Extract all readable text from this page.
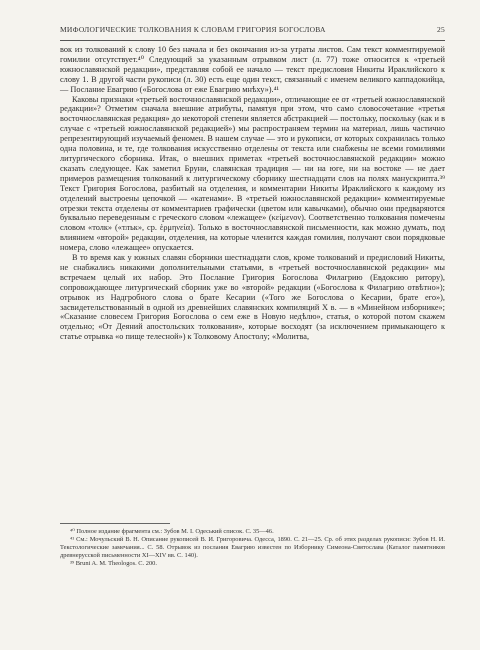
МИФОЛОГИЧЕСКИЕ ТОЛКОВАНИЯ К СЛОВАМ ГРИГОРИЯ БОГОСЛОВА	25

вок из толкований к слову 10 без начала и без окончания из-за утраты листов. Сам текст комментируемой гомилии отсутствует.⁴⁰ Следующий за указанным отрывком лист (л. 77) тоже относится к «третьей южнославянской редакции», представляя собой ее начало — текст предисловия Никиты Ираклийского к слову 1. В другой части рукописи (л. 30) есть еще один текст, связанный с именем великого каппадокийца, — Послание Евагрию («Богослова от еже Евагрию мнѣху»).⁴¹

Каковы признаки «третьей восточнославянской редакции», отличающие ее от «третьей южнославянской редакции»? Отметим сначала внешние атрибуты, памятуя при этом, что само словосочетание «третья восточнославянская редакция» до некоторой степени является абстракцией — постольку, поскольку (как и в случае с «третьей южнославянской редакцией») мы распространяем термин на материал, лишь частично репрезентирующий изучаемый феномен. В нашем случае — это и рукописи, от которых сохранилась только одна половина, и те, где толкования искусственно отделены от текста или снабжены не всеми гомилиями литургического сборника. Итак, о внешних приметах «третьей восточнославянской редакции» можно сказать следующее. Как заметил Бруни, славянская традиция — ни на юге, ни на востоке — не дает примеров размещения толкований к литургическому сборнику шестнадцати слов на полях манускрипта.³⁹ Текст Григория Богослова, разбитый на отделения, и комментарии Никиты Ираклийского к каждому из отделений выстроены цепочкой — «катенами». В «третьей южнославянской редакции» комментируемые отрезки текста отделены от комментариев графически (цветом или кавычками), обычно они предваряются буквально переведенным с греческого словом «лежащее» (κείμενον). Соответственно толкования помечены словом «толк» («тлък», ср. ἑρμηνεία). Только в восточнославянской письменности, как можно думать, под влиянием «второй» редакции, отделения, на которые членится каждая гомилия, получают свои порядковые номера, слово «лежащее» опускается.

В то время как у южных славян сборники шестнадцати слов, кроме толкований и предисловий Никиты, не снабжались никакими дополнительными статьями, в «третьей восточнославянской редакции» мы встречаем целый их набор. Это Послание Григория Богослова Филагрию (Евдоксию ритору), сопровождающее литургический сборник уже во «второй» редакции («Богослова к Филагрию отвѣтно»); отрывок из Надгробного слова о брате Кесарии («Того же Богослова о Кесарии, брате его»), засвидетельствованный в одной из древнейших славянских компиляций X в. — в «Минейном изборнике»; «Сказание словесем Григория Богослова о сем еже в Новую недѣлю», статья, о которой потом скажем отдельно; «От Деяний апостольских толкования», которые восходят (за исключением примыкающего к статье отрывка «о пище телесной») к Толковому Апостолу; «Молитва,

⁴⁰ Полное издание фрагмента см.: Зубов М. І. Одеський список. С. 35—46.

⁴¹ См.: Мочульский В. Н. Описание рукописей В. И. Григоровича. Одесса, 1890. С. 21—25. Ср. об этих разделах рукописи: Зубов Н. И. Текстологические замечания... С. 58. Отрывок из послания Евагрию известен по Изборнику Симеона-Святослава (Каталог памятников древнерусской письменности XI—XIV вв. С. 140).

³⁹ Bruni A. M. Theologos. C. 200.
